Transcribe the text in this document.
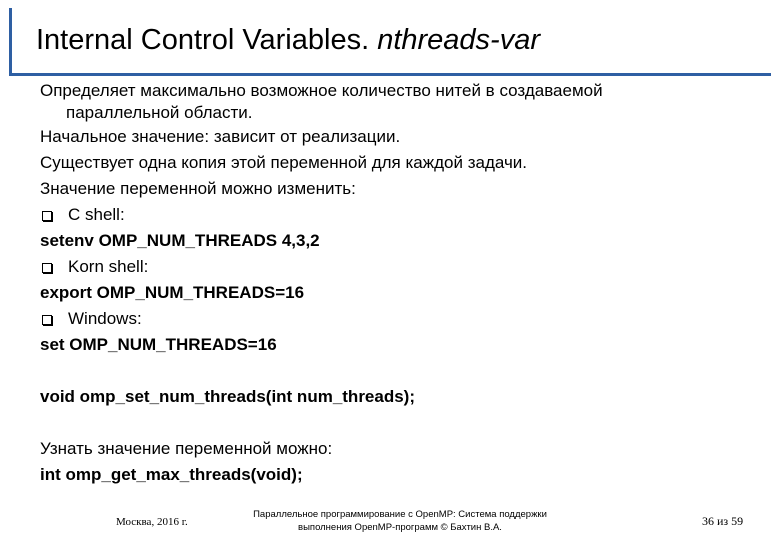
Internal Control Variables. nthreads-var
Определяет максимально возможное количество нитей в создаваемой
параллельной области.
Начальное значение: зависит от реализации.
Существует одна копия этой переменной для каждой задачи.
Значение переменной можно изменить:
C shell:
setenv OMP_NUM_THREADS 4,3,2
Korn shell:
export OMP_NUM_THREADS=16
Windows:
set OMP_NUM_THREADS=16
void omp_set_num_threads(int num_threads);
Узнать значение переменной можно:
int omp_get_max_threads(void);
Москва, 2016 г.
Параллельное программирование с OpenMP: Система поддержки
выполнения OpenMP-программ © Бахтин В.А.	36 из 59
